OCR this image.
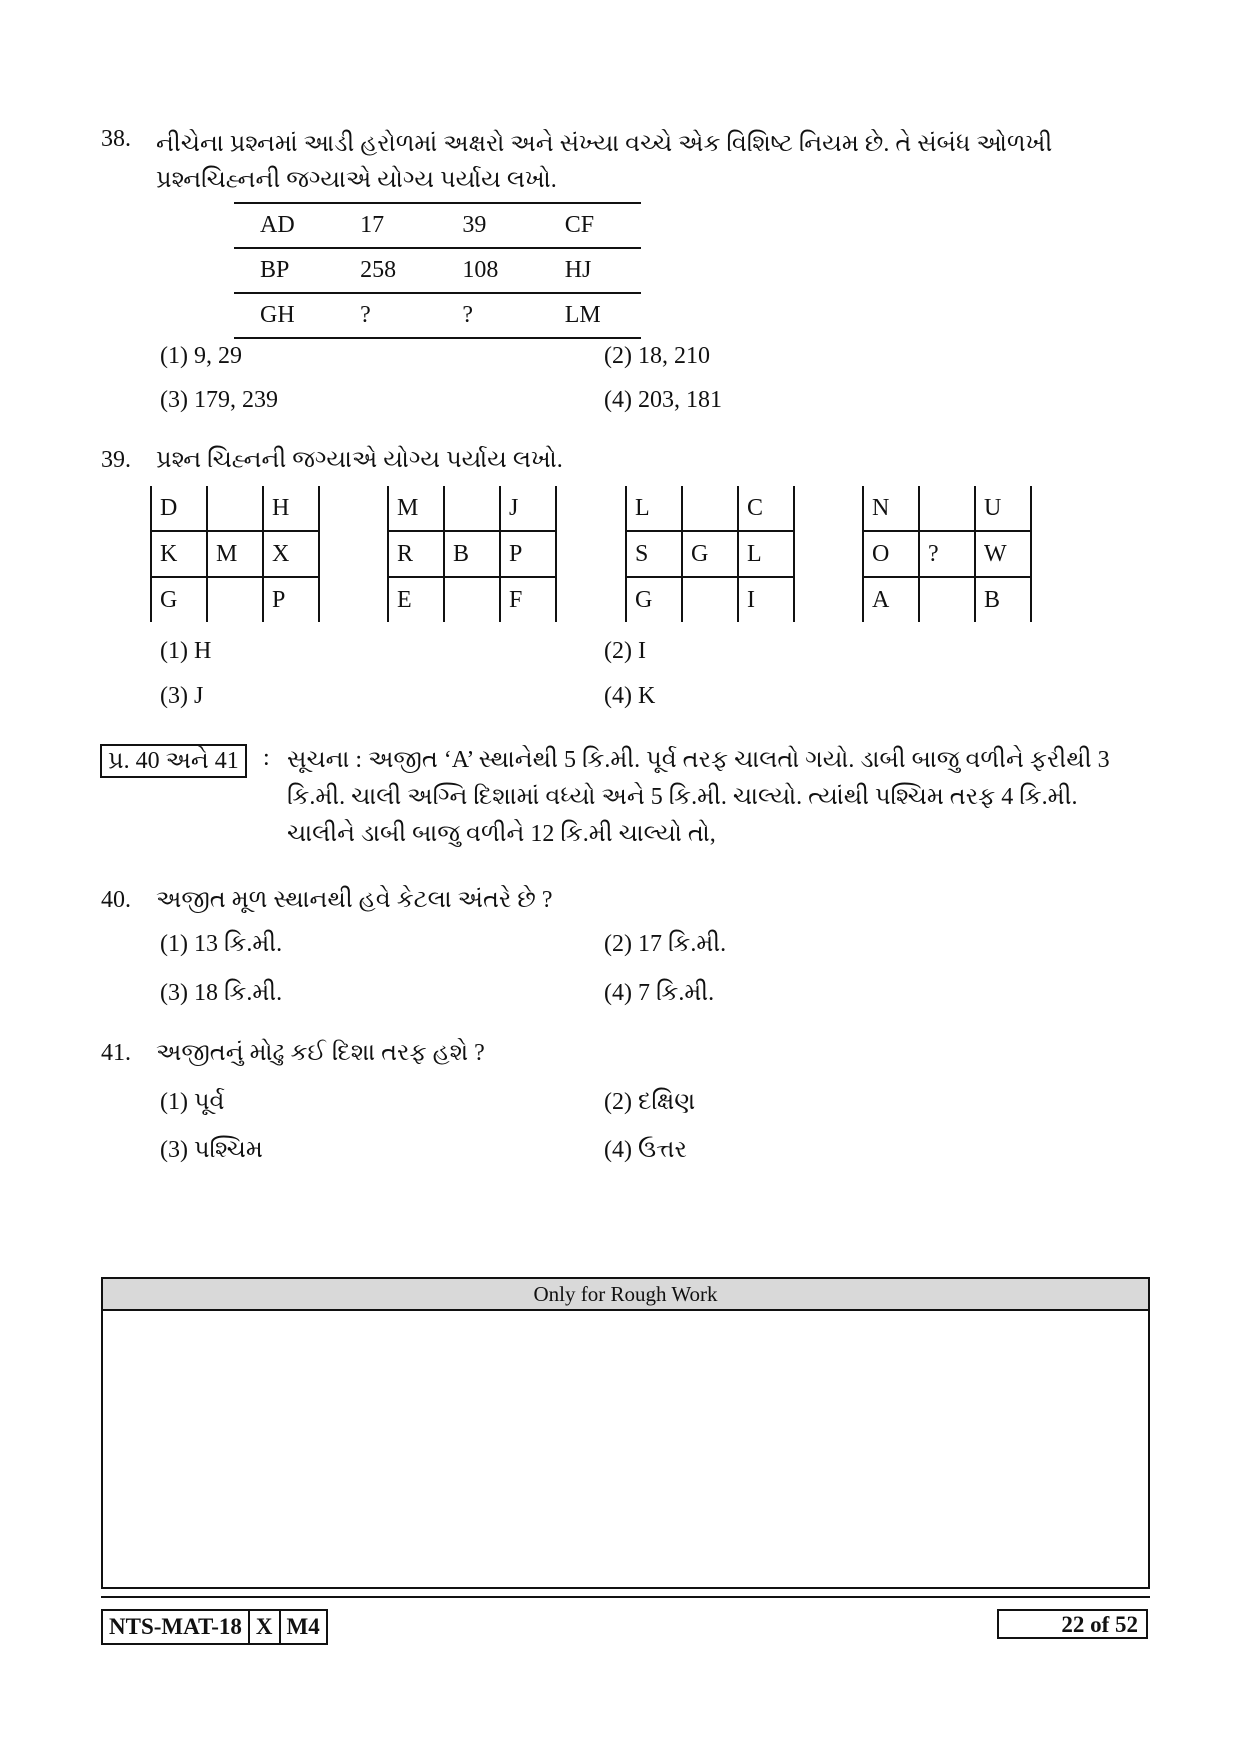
38.	નીચેના પ્રશ્નમાં આડી હરોળમાં અક્ષરો અને સંખ્યા વચ્ચે એક વિશિષ્ટ નિયમ છે. તે સંબંધ ઓળખી પ્રશ્નચિહ્નની જગ્યાએ યોગ્ય પર્યાય લખો.
AD	17	39	CF
BP	258	108	HJ
GH	?	?	LM
(1) 9, 29	(2) 18, 210
(3) 179, 239	(4) 203, 181
39.	પ્રશ્ન ચિહ્નની જગ્યાએ યોગ્ય પર્યાય લખો.
D		H
K	M	X
G		P
M		J
R	B	P
E		F
L		C
S	G	L
G		I
N		U
O	?	W
A		B
(1) H	(2) I
(3) J	(4) K
પ્ર. 40 અને 41	: સૂચના : અજીત ‘A’ સ્થાનેથી 5 કિ.મી. પૂર્વ તરફ ચાલતો ગયો. ડાબી બાજુ વળીને ફરીથી 3
કિ.મી. ચાલી અગ્નિ દિશામાં વધ્યો અને 5 કિ.મી. ચાલ્યો. ત્યાંથી પશ્ચિમ તરફ 4 કિ.મી.
ચાલીને ડાબી બાજુ વળીને 12 કિ.મી ચાલ્યો તો,
40.	અજીત મૂળ સ્થાનથી હવે કેટલા અંતરે છે ?
(1) 13 કિ.મી.	(2) 17 કિ.મી.
(3) 18 કિ.મી.	(4) 7 કિ.મી.
41.	અજીતનું મોઢુ કઈ દિશા તરફ હશે ?
(1) પૂર્વ	(2) દક્ષિણ
(3) પશ્ચિમ	(4) ઉત્તર
Only for Rough Work
NTS-MAT-18	X	M4	22 of 52
